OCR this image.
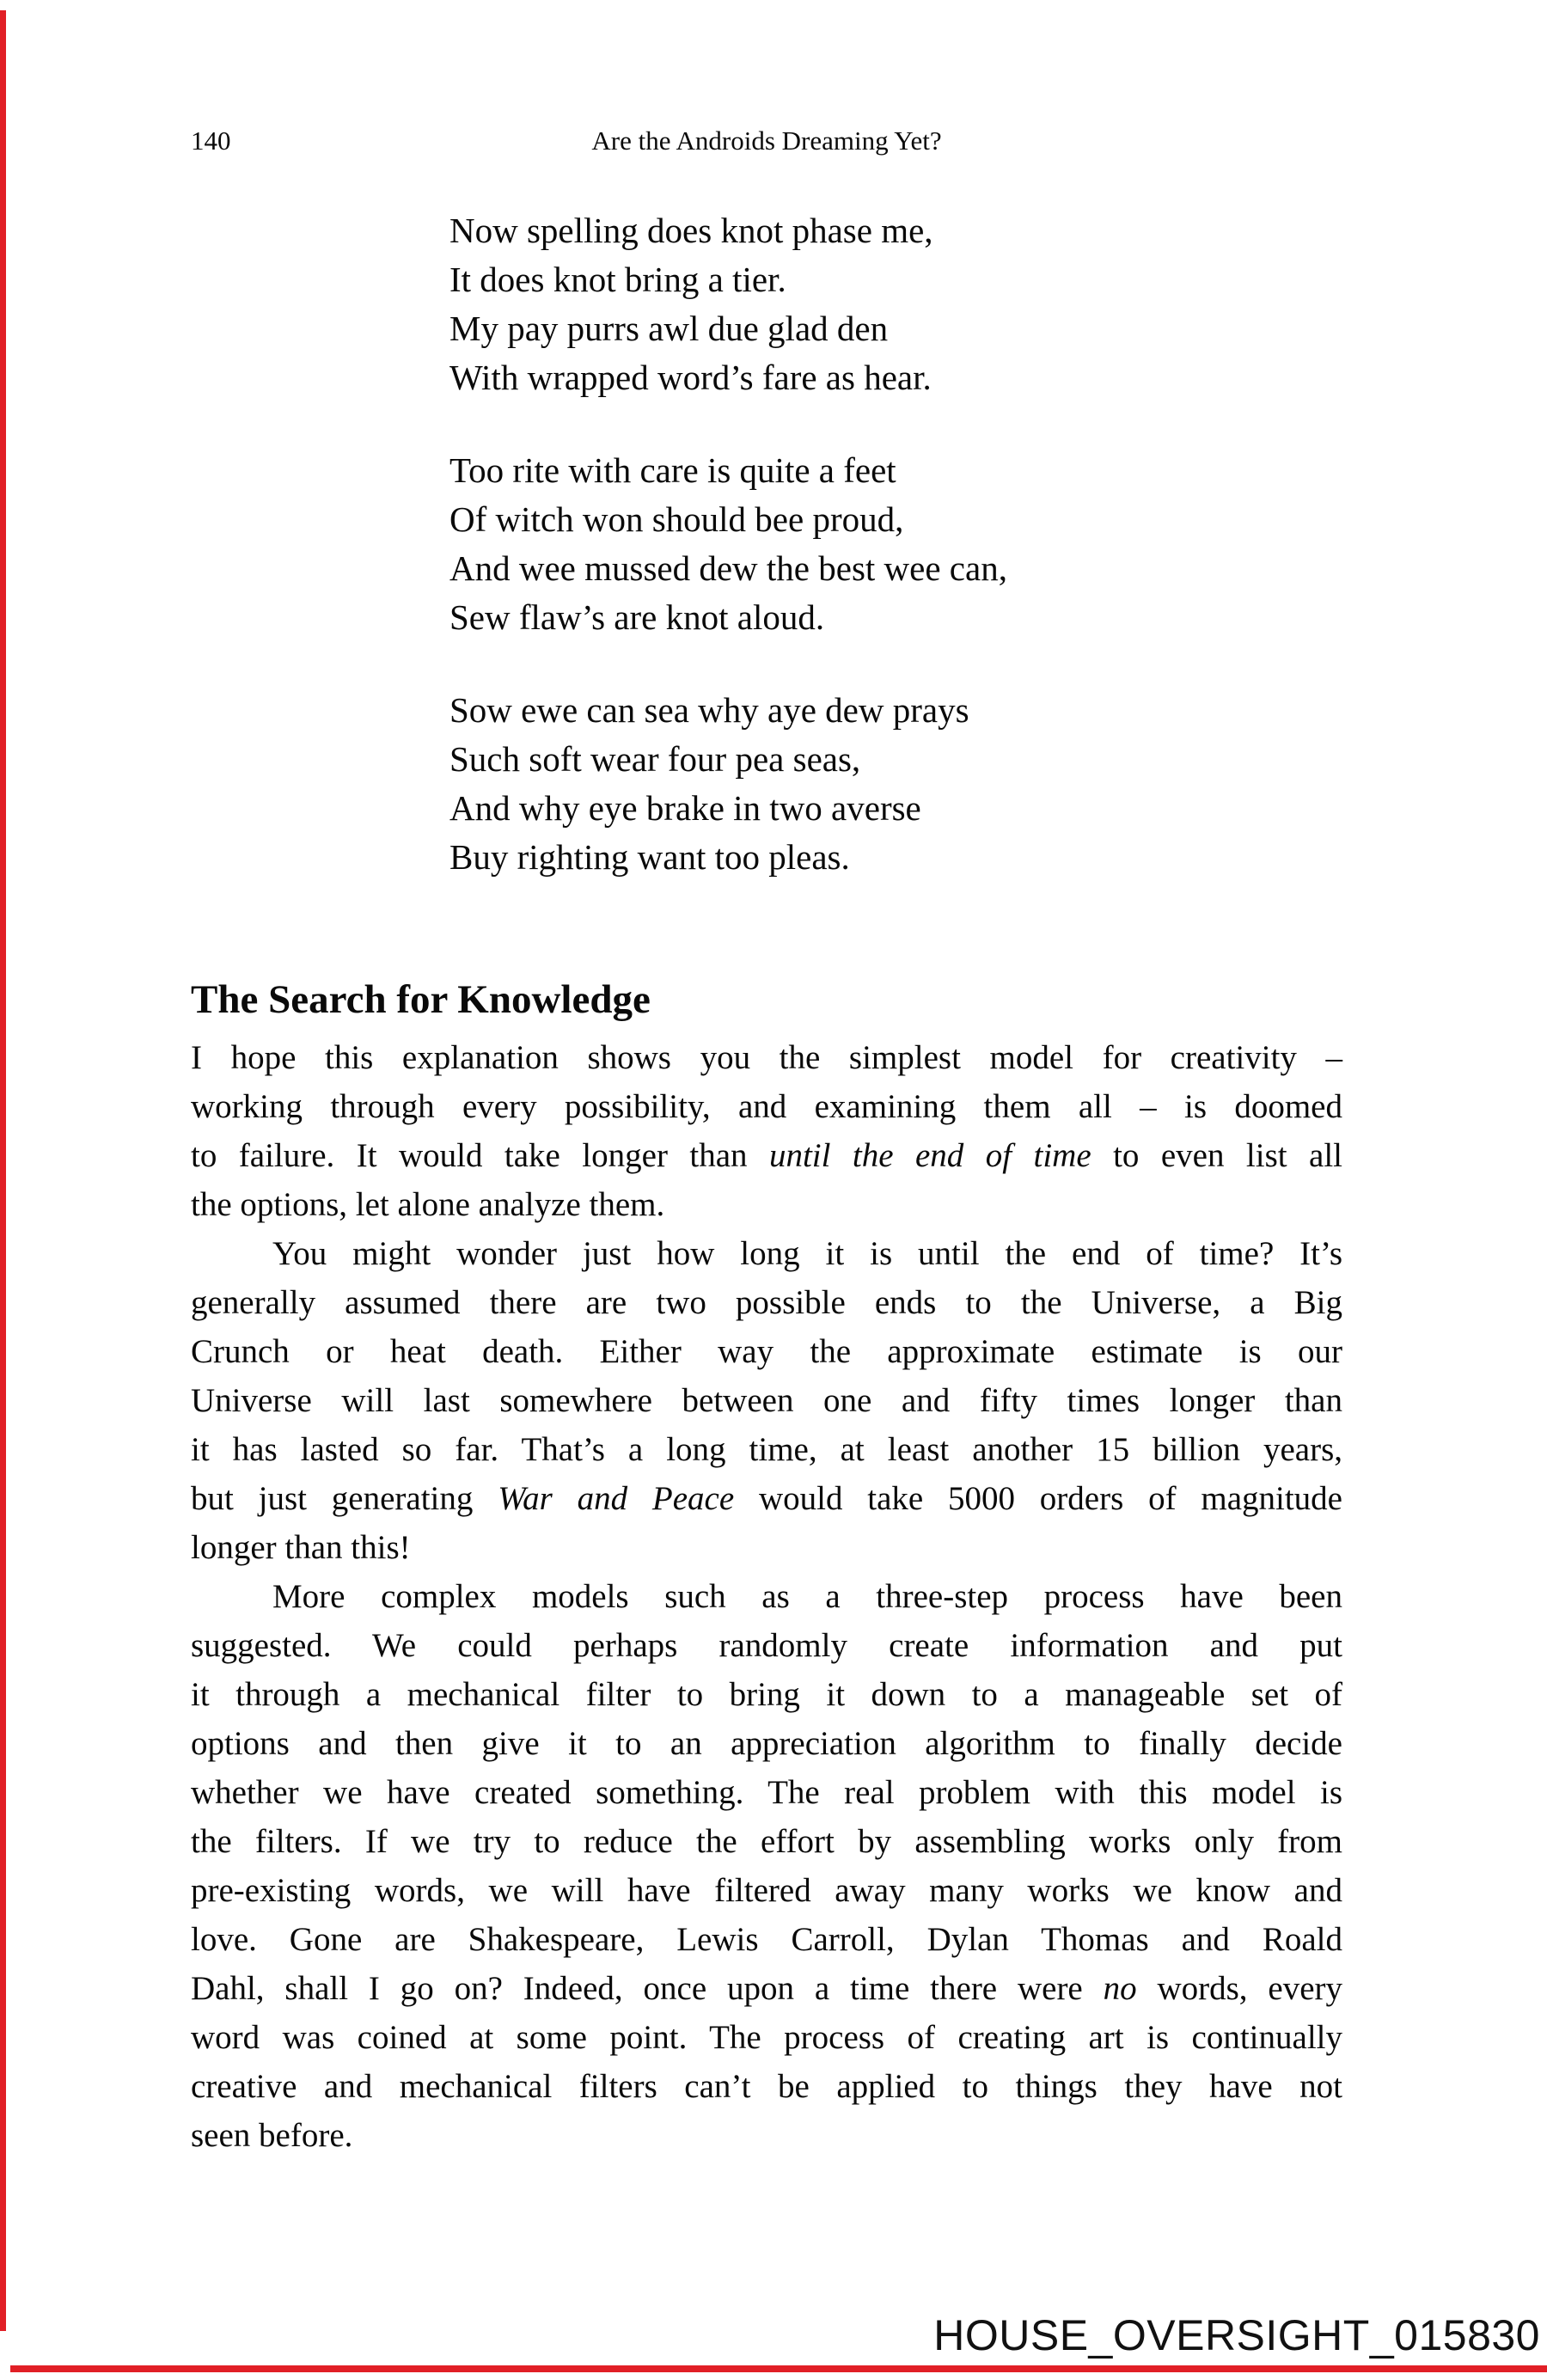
140	Are the Androids Dreaming Yet?
Now spelling does knot phase me,
It does knot bring a tier.
My pay purrs awl due glad den
With wrapped word’s fare as hear.
Too rite with care is quite a feet
Of witch won should bee proud,
And wee mussed dew the best wee can,
Sew flaw’s are knot aloud.
Sow ewe can sea why aye dew prays
Such soft wear four pea seas,
And why eye brake in two averse
Buy righting want too pleas.
The Search for Knowledge
I hope this explanation shows you the simplest model for creativity –
working through every possibility, and examining them all – is doomed
to failure. It would take longer than until the end of time to even list all
the options, let alone analyze them.
You might wonder just how long it is until the end of time? It’s
generally assumed there are two possible ends to the Universe, a Big
Crunch or heat death. Either way the approximate estimate is our
Universe will last somewhere between one and fifty times longer than
it has lasted so far. That’s a long time, at least another 15 billion years,
but just generating War and Peace would take 5000 orders of magnitude
longer than this!
More complex models such as a three-step process have been
suggested. We could perhaps randomly create information and put
it through a mechanical filter to bring it down to a manageable set of
options and then give it to an appreciation algorithm to finally decide
whether we have created something. The real problem with this model is
the filters. If we try to reduce the effort by assembling works only from
pre-existing words, we will have filtered away many works we know and
love. Gone are Shakespeare, Lewis Carroll, Dylan Thomas and Roald
Dahl, shall I go on? Indeed, once upon a time there were no words, every
word was coined at some point. The process of creating art is continually
creative and mechanical filters can’t be applied to things they have not
seen before.
HOUSE_OVERSIGHT_015830
